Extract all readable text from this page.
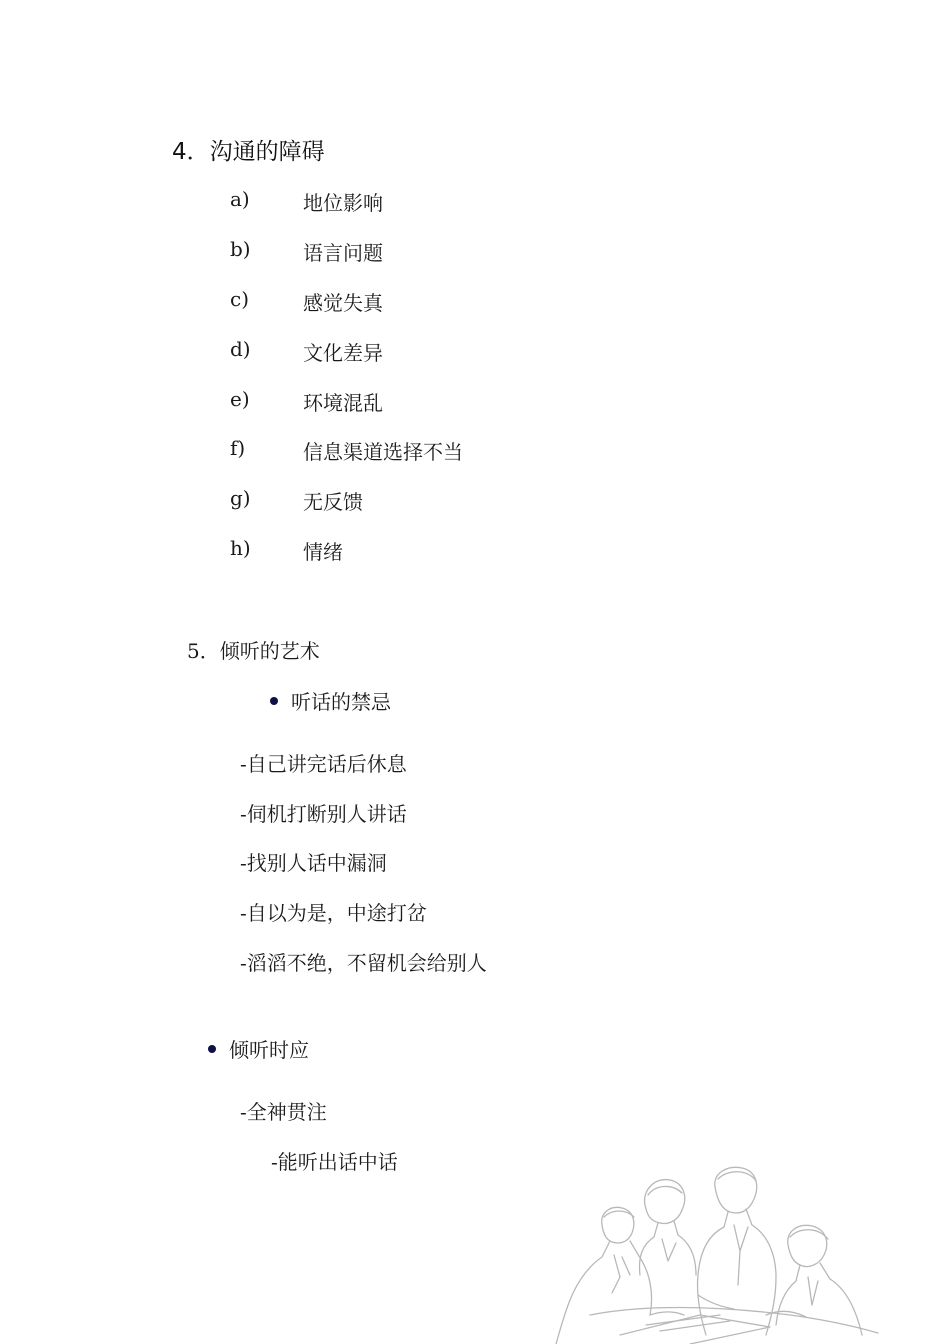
4．沟通的障碍
a)	地位影响
b)	语言问题
c)	感觉失真
d)	文化差异
e)	环境混乱
f)	信息渠道选择不当
g)	无反馈
h)	情绪
5．倾听的艺术
听话的禁忌
-自己讲完话后休息
-伺机打断别人讲话
-找别人话中漏洞
-自以为是，中途打岔
-滔滔不绝，不留机会给别人
倾听时应
-全神贯注
-能听出话中话
